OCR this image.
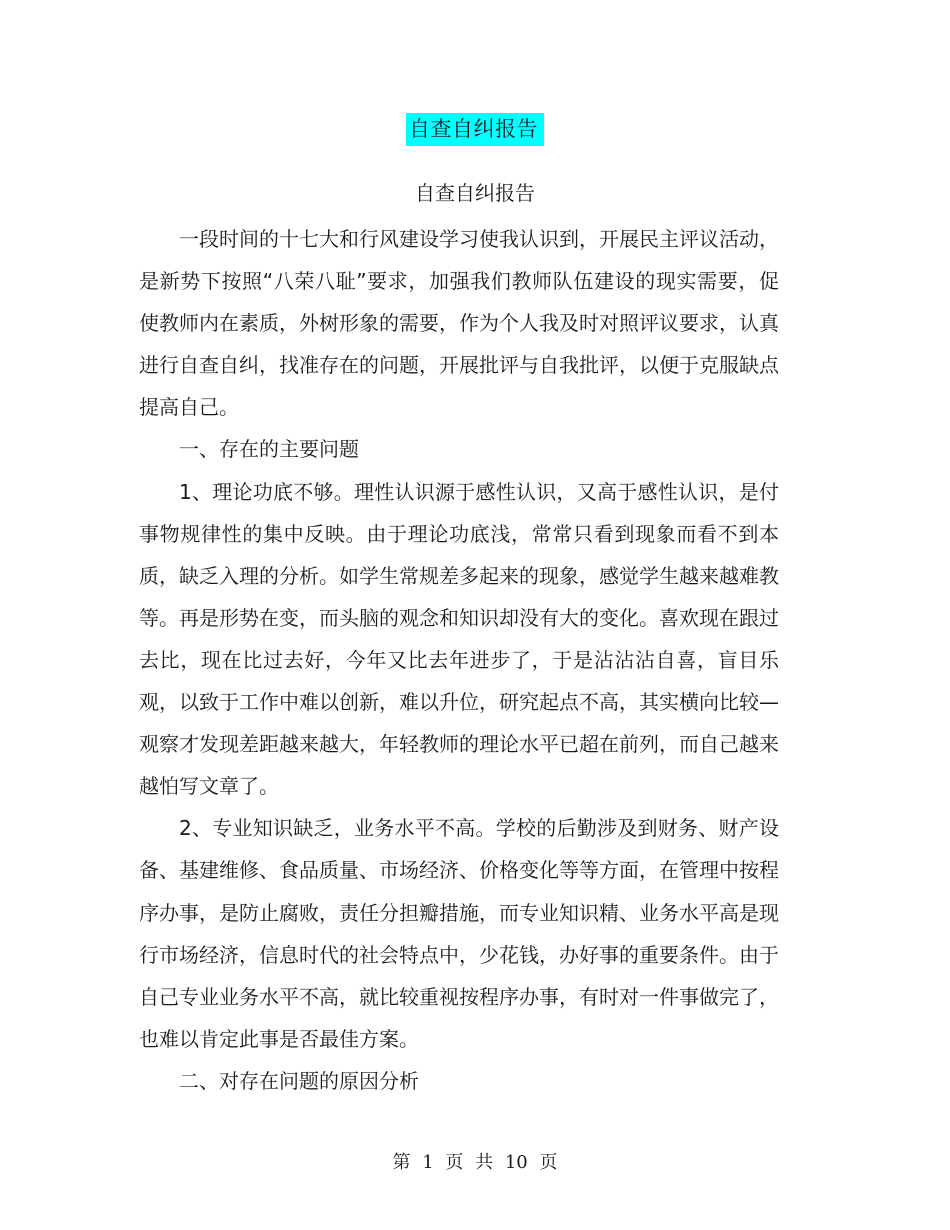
自查自纠报告
自查自纠报告

一段时间的十七大和行风建设学习使我认识到，开展民主评议活动，是新势下按照“八荣八耻”要求，加强我们教师队伍建设的现实需要，促使教师内在素质，外树形象的需要，作为个人我及时对照评议要求，认真进行自查自纠，找准存在的问题，开展批评与自我批评，以便于克服缺点提高自己。

一、存在的主要问题

1、理论功底不够。理性认识源于感性认识，又高于感性认识，是付事物规律性的集中反映。由于理论功底浅，常常只看到现象而看不到本质，缺乏入理的分析。如学生常规差多起来的现象，感觉学生越来越难教等。再是形势在变，而头脑的观念和知识却没有大的变化。喜欢现在跟过去比，现在比过去好，今年又比去年进步了，于是沾沾沾自喜，盲目乐观，以致于工作中难以创新，难以升位，研究起点不高，其实横向比较—观察才发现差距越来越大，年轻教师的理论水平已超在前列，而自己越来越怕写文章了。

2、专业知识缺乏，业务水平不高。学校的后勤涉及到财务、财产设备、基建维修、食品质量、市场经济、价格变化等等方面，在管理中按程序办事，是防止腐败，责任分担瓣措施，而专业知识精、业务水平高是现行市场经济，信息时代的社会特点中，少花钱，办好事的重要条件。由于自己专业业务水平不高，就比较重视按程序办事，有时对一件事做完了，也难以肯定此事是否最佳方案。

二、对存在问题的原因分析

第 1 页 共 10 页
